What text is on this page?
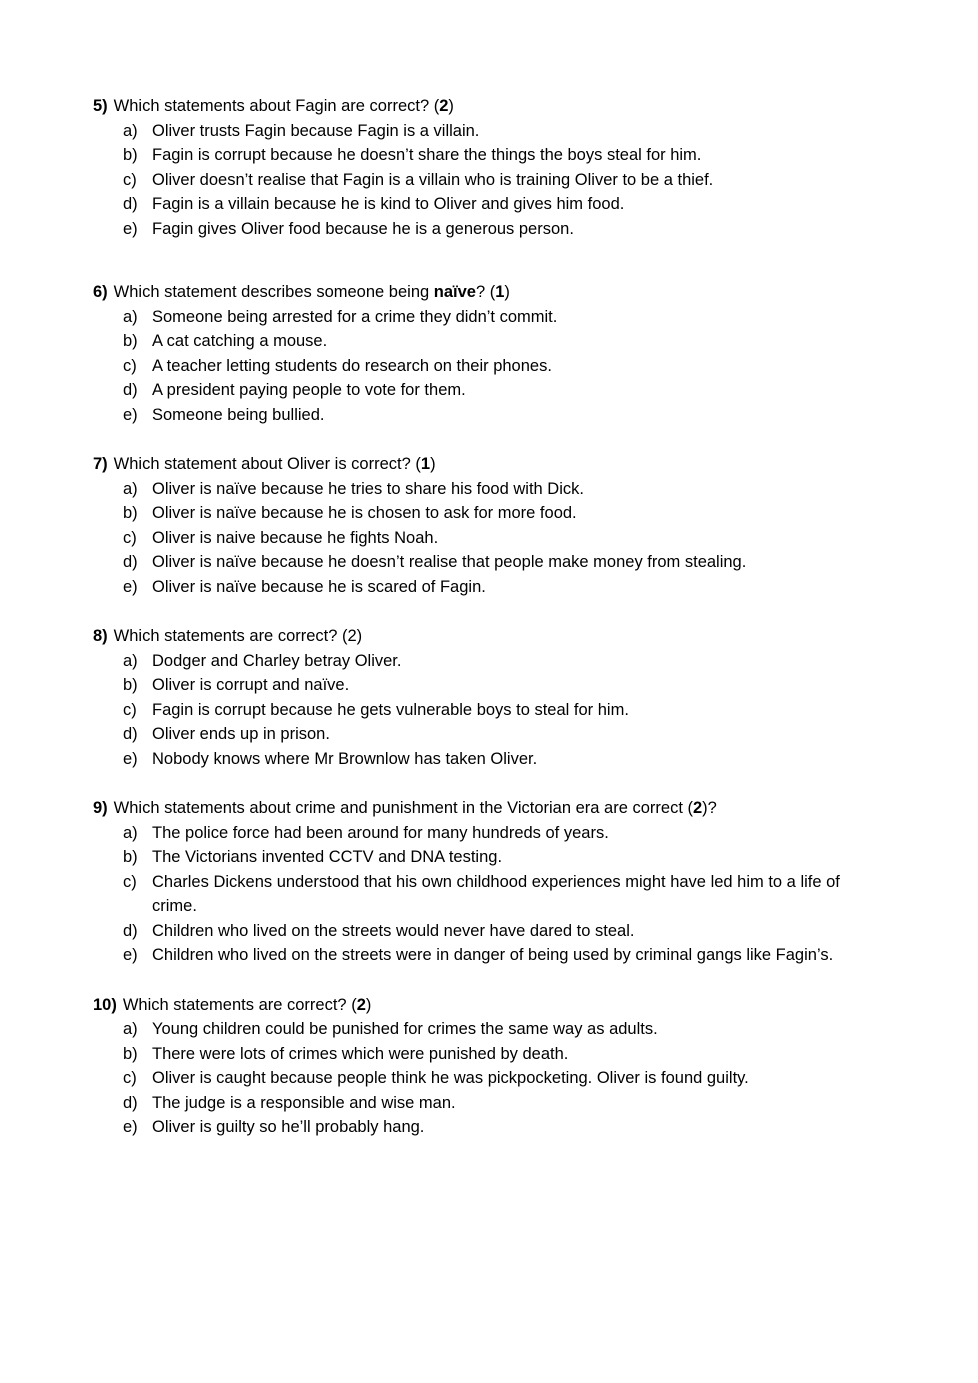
5) Which statements about Fagin are correct? (2)

a) Oliver trusts Fagin because Fagin is a villain.
b) Fagin is corrupt because he doesn’t share the things the boys steal for him.
c) Oliver doesn’t realise that Fagin is a villain who is training Oliver to be a thief.
d) Fagin is a villain because he is kind to Oliver and gives him food.
e) Fagin gives Oliver food because he is a generous person.

6) Which statement describes someone being naïve? (1)

a) Someone being arrested for a crime they didn’t commit.
b) A cat catching a mouse.
c) A teacher letting students do research on their phones.
d) A president paying people to vote for them.
e) Someone being bullied.

7) Which statement about Oliver is correct? (1)

a) Oliver is naïve because he tries to share his food with Dick.
b) Oliver is naïve because he is chosen to ask for more food.
c) Oliver is naive because he fights Noah.
d) Oliver is naïve because he doesn’t realise that people make money from stealing.
e) Oliver is naïve because he is scared of Fagin.

8) Which statements are correct? (2)

a) Dodger and Charley betray Oliver.
b) Oliver is corrupt and naïve.
c) Fagin is corrupt because he gets vulnerable boys to steal for him.
d) Oliver ends up in prison.
e) Nobody knows where Mr Brownlow has taken Oliver.

9) Which statements about crime and punishment in the Victorian era are correct (2)?

a) The police force had been around for many hundreds of years.
b) The Victorians invented CCTV and DNA testing.
c) Charles Dickens understood that his own childhood experiences might have led him to a life of crime.
d) Children who lived on the streets would never have dared to steal.
e) Children who lived on the streets were in danger of being used by criminal gangs like Fagin’s.

10) Which statements are correct? (2)

a) Young children could be punished for crimes the same way as adults.
b) There were lots of crimes which were punished by death.
c) Oliver is caught because people think he was pickpocketing. Oliver is found guilty.
d) The judge is a responsible and wise man.
e) Oliver is guilty so he’ll probably hang.
